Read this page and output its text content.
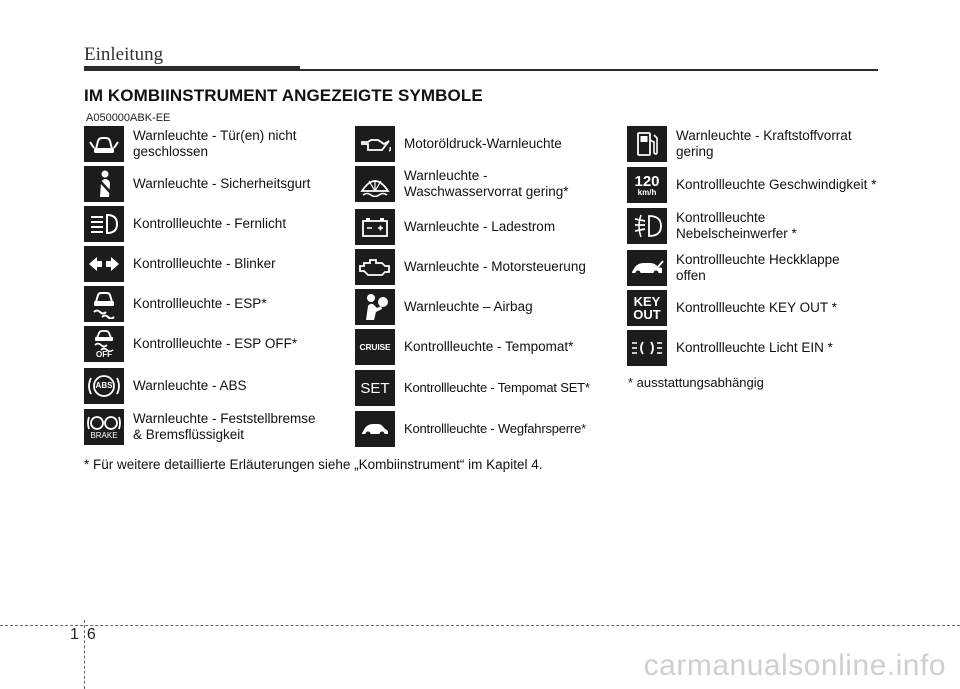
Einleitung
IM KOMBIINSTRUMENT ANGEZEIGTE SYMBOLE
A050000ABK-EE
Warnleuchte - Tür(en) nicht
geschlossen
Warnleuchte - Sicherheitsgurt
Kontrollleuchte - Fernlicht
Kontrollleuchte - Blinker
Kontrollleuchte - ESP*
OFF
Kontrollleuchte - ESP OFF*
ABS Warnleuchte - ABS
BRAKE
Warnleuchte - Feststellbremse
& Bremsflüssigkeit
Motoröldruck-Warnleuchte
Warnleuchte -
Waschwasservorrat gering*
Warnleuchte - Ladestrom
Warnleuchte - Motorsteuerung
Warnleuchte – Airbag
CRUISE Kontrollleuchte - Tempomat*
SET Kontrollleuchte - Tempomat SET*
Kontrollleuchte - Wegfahrsperre*
Warnleuchte - Kraftstoffvorrat
gering
120
km/h Kontrollleuchte Geschwindigkeit *
Kontrollleuchte
Nebelscheinwerfer *
Kontrollleuchte Heckklappe
offen
KEY
OUT Kontrollleuchte KEY OUT *
Kontrollleuchte Licht EIN *
* ausstattungsabhängig
* Für weitere detaillierte Erläuterungen siehe „Kombiinstrument“ im Kapitel 4.
16
carmanualsonline.info
